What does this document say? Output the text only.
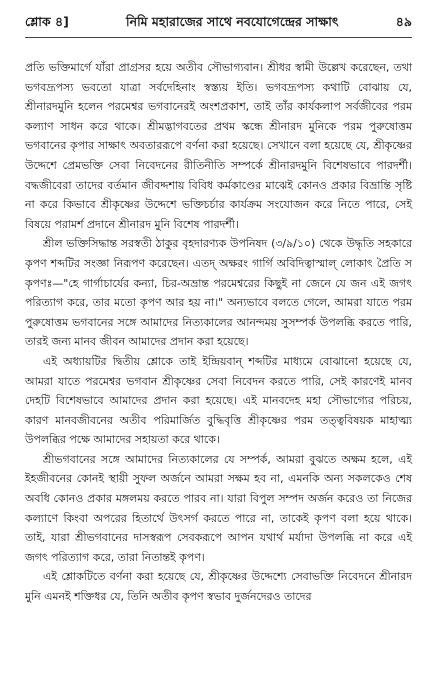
শ্লোক ৪]	নিমি মহারাজের সাথে নবযোগেন্দ্রের সাক্ষাৎ	৪৯

প্রতি ভক্তিমার্গে যাঁরা প্রাগ্রসর হয়ে অতীব সৌভাগ্যবান। শ্রীধর স্বামী উল্লেখ করেছেন, তথা ভগবদ্রূপস্য ভবতো যাত্রা সর্বদেহিনাং স্বস্ত্যয় ইতি। ভগবদ্রূপস্য কথাটি বোঝায় যে, শ্রীনারদমুনি হলেন পরমেশ্বর ভগবানেরই অংশপ্রকাশ, তাই তাঁর কার্যকলাপ সর্বজীবের পরম কল্যাণ সাধন করে থাকে। শ্রীমদ্ভাগবতের প্রথম স্কন্ধে শ্রীনারদ মুনিকে পরম পুরুষোত্তম ভগবানের কৃপার সাক্ষাৎ অবতাররূপে বর্ণনা করা হয়েছে। সেখানে বলা হয়েছে যে, শ্রীকৃষ্ণের উদ্দেশে প্রেমভক্তি সেবা নিবেদনের রীতিনীতি সম্পর্কে শ্রীনারদমুনি বিশেষভাবে পারদর্শী। বদ্ধজীবেরা তাদের বর্তমান জীবদ্দশায় বিবিধ কর্মকাণ্ডের মাঝেই কোনও প্রকার বিভ্রান্তি সৃষ্টি না করে কিভাবে শ্রীকৃষ্ণের উদ্দেশে ভক্তিচর্চার কার্যক্রম সংযোজন করে নিতে পারে, সেই বিষয়ে পরামর্শ প্রদানে শ্রীনারদ মুনি বিশেষ পারদর্শী।

শ্রীল ভক্তিসিদ্ধান্ত সরস্বতী ঠাকুর বৃহদারণ্যক উপনিষদ (৩/৯/১০) থেকে উদ্ধৃতি সহকারে কৃপণ শব্দটির সংজ্ঞা নিরূপণ করেছেন। এতদ্ অক্ষরং গার্গি অবিদিত্বাস্মাল্ লোকাৎ প্রৈতি স কৃপণঃ—"হে গার্গাচার্যের কন্যা, চির-অভ্রান্ত পরমেশ্বরের কিছুই না জেনে যে জন এই জগৎ পরিত্যাগ করে, তার মতো কৃপণ আর হয় না।" অন্যভাবে বলতে গেলে, আমরা যাতে পরম পুরুষোত্তম ভগবানের সঙ্গে আমাদের নিত্যকালের আনন্দময় সুসম্পর্ক উপলব্ধি করতে পারি, তারই জন্য মানব জীবন আমাদের প্রদান করা হয়েছে।

এই অধ্যায়টির দ্বিতীয় শ্লোকে তাই ইন্দ্রিয়বান্ শব্দটির মাধ্যমে বোঝানো হয়েছে যে, আমরা যাতে পরমেশ্বর ভগবান শ্রীকৃষ্ণের সেবা নিবেদন করতে পারি, সেই কারণেই মানব দেহটি বিশেষভাবে আমাদের প্রদান করা হয়েছে। এই মানবদেহ মহা সৌভাগ্যের পরিচয়, কারণ মানবজীবনের অতীব পরিমার্জিত বুদ্ধিবৃত্তি শ্রীকৃষ্ণের পরম তত্ত্ববিষয়ক মাহাত্ম্য উপলব্ধির পক্ষে আমাদের সহায়তা করে থাকে।

শ্রীভগবানের সঙ্গে আমাদের নিত্যকালের যে সম্পর্ক, আমরা বুঝতে অক্ষম হলে, এই ইহজীবনের কোনই স্থায়ী সুফল অর্জনে আমরা সক্ষম হব না, এমনকি অন্য সকলকেও শেষ অবধি কোনও প্রকার মঙ্গলময় করতে পারব না। যারা বিপুল সম্পদ অর্জন করেও তা নিজের কল্যাণে কিংবা অপরের হিতার্থে উৎসর্গ করতে পারে না, তাকেই কৃপণ বলা হয়ে থাকে। তাই, যারা শ্রীভগবানের দাসস্বরূপ সেবকরূপে আপন যথার্থ মর্যাদা উপলব্ধি না করে এই জগৎ পরিত্যাগ করে, তারা নিতান্তই কৃপণ।

এই শ্লোকটিতে বর্ণনা করা হয়েছে যে, শ্রীকৃষ্ণের উদ্দেশ্যে সেবাভক্তি নিবেদনে শ্রীনারদ মুনি এমনই শক্তিধর যে, তিনি অতীব কৃপণ স্বভাব দুর্জনদেরও তাদের
